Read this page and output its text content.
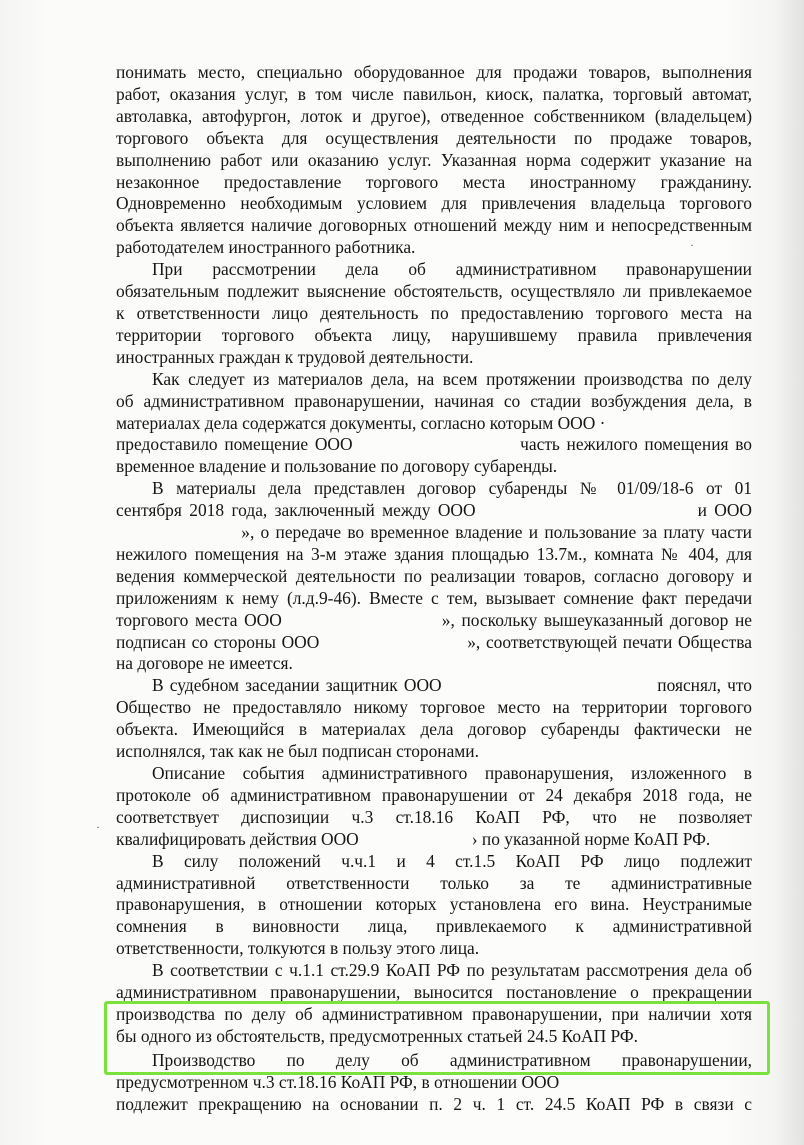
понимать место, специально оборудованное для продажи товаров, выполнения
работ, оказания услуг, в том числе павильон, киоск, палатка, торговый автомат,
автолавка, автофургон, лоток и другое), отведенное собственником (владельцем)
торгового объекта для осуществления деятельности по продаже товаров,
выполнению работ или оказанию услуг. Указанная норма содержит указание на
незаконное предоставление торгового места иностранному гражданину.
Одновременно необходимым условием для привлечения владельца торгового
объекта является наличие договорных отношений между ним и непосредственным
работодателем иностранного работника.

При рассмотрении дела об административном правонарушении
обязательным подлежит выяснение обстоятельств, осуществляло ли привлекаемое
к ответственности лицо деятельность по предоставлению торгового места на
территории торгового объекта лицу, нарушившему правила привлечения
иностранных граждан к трудовой деятельности.

Как следует из материалов дела, на всем протяжении производства по делу
об административном правонарушении, начиная со стадии возбуждения дела, в
материалах дела содержатся документы, согласно которым ООО ·
предоставило помещение ООО                         часть нежилого помещения во
временное владение и пользование по договору субаренды.

В материалы дела представлен договор субаренды № 01/09/18-6 от 01
сентября 2018 года, заключенный между ООО                              и ООО
», о передаче во временное владение и пользование за плату части
нежилого помещения на 3-м этаже здания площадью 13.7м., комната № 404, для
ведения коммерческой деятельности по реализации товаров, согласно договору и
приложениям к нему (л.д.9-46). Вместе с тем, вызывает сомнение факт передачи
торгового места ООО                        », поскольку вышеуказанный договор не
подписан со стороны ООО                          », соответствующей печати Общества
на договоре не имеется.

В судебном заседании защитник ООО                                   пояснял, что
Общество не предоставляло никому торговое место на территории торгового
объекта. Имеющийся в материалах дела договор субаренды фактически не
исполнялся, так как не был подписан сторонами.

Описание события административного правонарушения, изложенного в
протоколе об административном правонарушении от 24 декабря 2018 года, не
соответствует диспозиции ч.3 ст.18.16 КоАП РФ, что не позволяет
квалифицировать действия ООО                          › по указанной норме КоАП РФ.

В силу положений ч.ч.1 и 4 ст.1.5 КоАП РФ лицо подлежит
административной ответственности только за те административные
правонарушения, в отношении которых установлена его вина. Неустранимые
сомнения в виновности лица, привлекаемого к административной
ответственности, толкуются в пользу этого лица.

В соответствии с ч.1.1 ст.29.9 КоАП РФ по результатам рассмотрения дела об
административном правонарушении, выносится постановление о прекращении
производства по делу об административном правонарушении, при наличии хотя
бы одного из обстоятельств, предусмотренных статьей 24.5 КоАП РФ.

Производство по делу об административном правонарушении,
предусмотренном ч.3 ст.18.16 КоАП РФ, в отношении ООО
подлежит прекращению на основании п. 2 ч. 1 ст. 24.5 КоАП РФ в связи с

·
·
